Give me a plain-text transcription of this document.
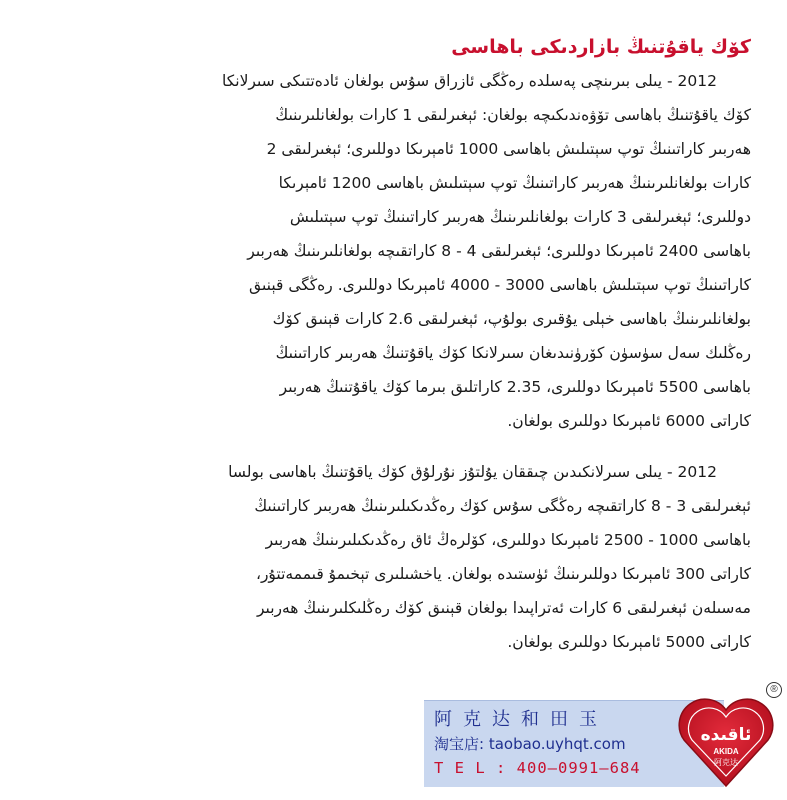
كۆك ياقۇتنىڭ بازاردىكى باھاسى
2012 - يىلى بىرىنچى پەسلدە رەڭگى ئازراق سۇس بولغان ئادەتتىكى سىرلانكا
كۆك ياقۇتنىڭ باھاسى تۆۋەندىكىچە بولغان: ئېغىرلىقى 1 كارات بولغانلىرىنىڭ
ھەربىر كاراتىنىڭ توپ سېتىلىش باھاسى 1000 ئامېرىكا دوللىرى؛ ئېغىرلىقى 2
كارات بولغانلىرىنىڭ ھەربىر كاراتىنىڭ توپ سېتىلىش باھاسى 1200 ئامېرىكا
دوللىرى؛ ئېغىرلىقى 3 كارات بولغانلىرىنىڭ ھەربىر كاراتىنىڭ توپ سېتىلىش
باھاسى 2400 ئامېرىكا دوللىرى؛ ئېغىرلىقى 4 - 8 كاراتقىچە بولغانلىرىنىڭ ھەربىر
كاراتىنىڭ توپ سېتىلىش باھاسى 3000 - 4000 ئامېرىكا دوللىرى. رەڭگى قېنىق
بولغانلىرىنىڭ باھاسى خېلى يۇقىرى بولۇپ، ئېغىرلىقى 2.6 كارات قېنىق كۆك
رەڭلىك سەل سۈسۈن كۆرۈنىدىغان سىرلانكا كۆك ياقۇتنىڭ ھەربىر كاراتىنىڭ
باھاسى 5500 ئامېرىكا دوللىرى، 2.35 كاراتلىق بىرما كۆك ياقۇتنىڭ ھەربىر
كاراتى 6000 ئامېرىكا دوللىرى بولغان.
2012 - يىلى سىرلانكىدىن چىققان يۇلتۇز نۇرلۇق كۆك ياقۇتنىڭ باھاسى بولسا
ئېغىرلىقى 3 - 8 كاراتقىچە رەڭگى سۇس كۆك رەڭدىكىلىرىنىڭ ھەربىر كاراتىنىڭ
باھاسى 1000 - 2500 ئامېرىكا دوللىرى، كۆلرەڭ ئاق رەڭدىكىلىرىنىڭ ھەربىر
كاراتى 300 ئامېرىكا دوللىرىنىڭ ئۈستىدە بولغان. ياخشىلىرى تېخىمۇ قىممەتتۇر،
مەسىلەن ئېغىرلىقى 6 كارات ئەتراپىدا بولغان قېنىق كۆك رەڭلىكلىرىنىڭ ھەربىر
كاراتى 5000 ئامېرىكا دوللىرى بولغان.
阿克达和田玉
淘宝店: taobao.uyhqt.com
T E L : 400—0991—684
ئاقىدە
AKIDA
阿克达
®
